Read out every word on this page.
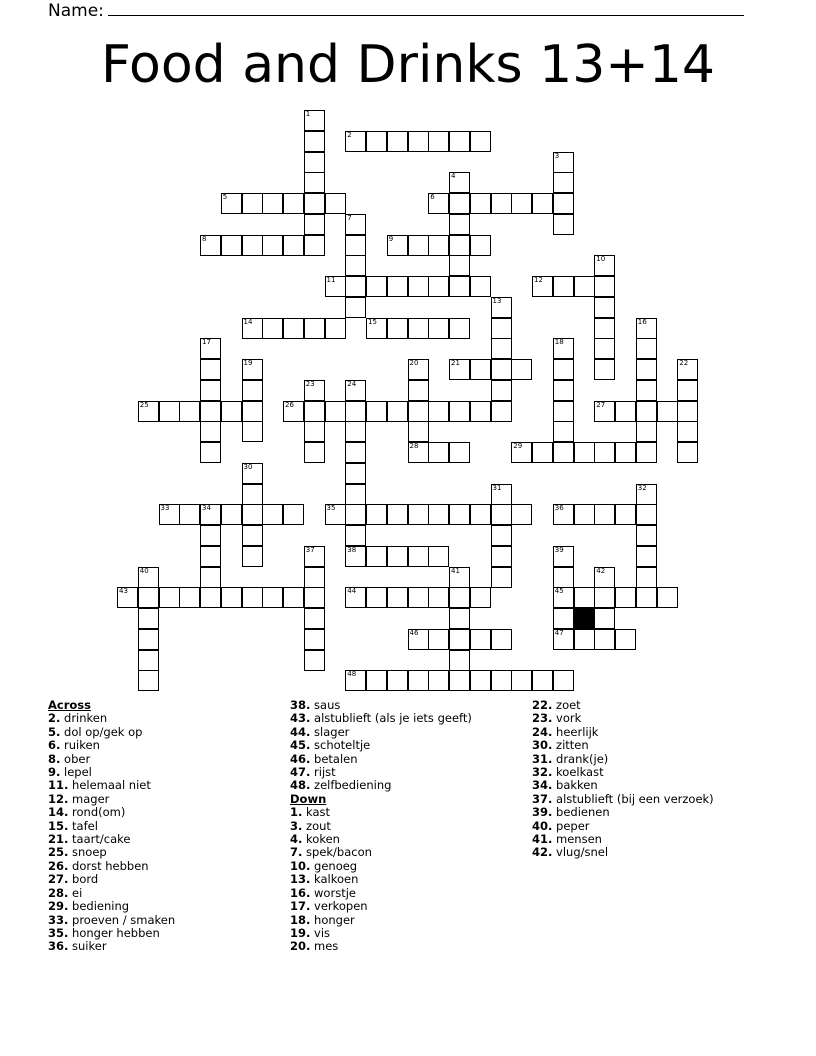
Name:
Food and Drinks 13+14
1
2
3
4
5	6
7
8	9
10
11	12
13
14	15	16
17	18
19	20
28
21	22
23	24
25	26	27
29
30
31	32
33	34	35	36
37	38	39
45
47
40	41	42
43	44
46
48
Across
2. drinken
5. dol op/gek op
6. ruiken
8. ober
9. lepel
11. helemaal niet
12. mager
14. rond(om)
15. tafel
21. taart/cake
25. snoep
26. dorst hebben
27. bord
28. ei
29. bediening
33. proeven / smaken
35. honger hebben
36. suiker
38. saus
43. alstublieft (als je iets geeft)
44. slager
45. schoteltje
46. betalen
47. rijst
48. zelfbediening
Down
1. kast
3. zout
4. koken
7. spek/bacon
10. genoeg
13. kalkoen
16. worstje
17. verkopen
18. honger
19. vis
20. mes
22. zoet
23. vork
24. heerlijk
30. zitten
31. drank(je)
32. koelkast
34. bakken
37. alstublieft (bij een verzoek)
39. bedienen
40. peper
41. mensen
42. vlug/snel
